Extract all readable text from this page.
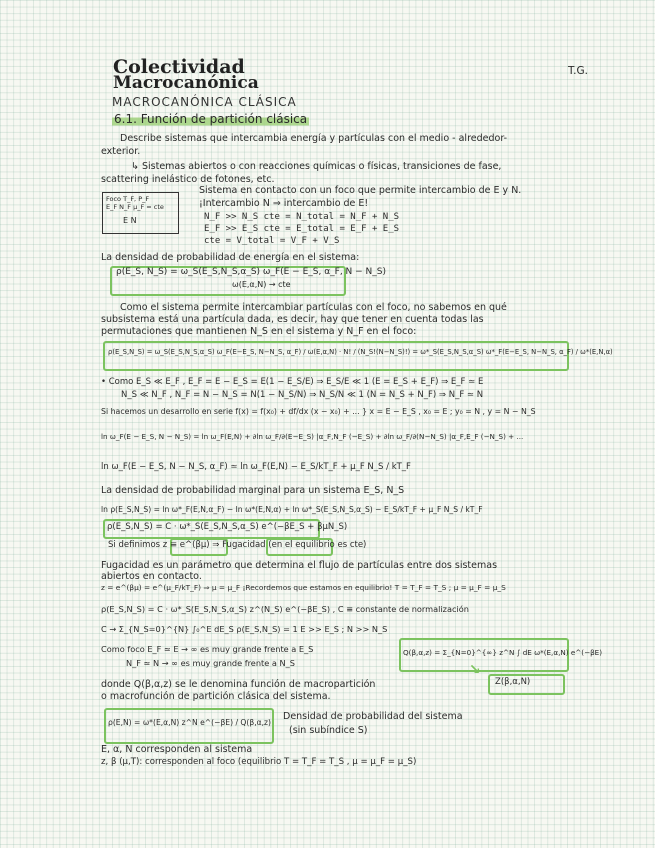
Colectividad
Macrocanónica
T.G.
MACROCANÓNICA CLÁSICA
6.1. Función de partición clásica
Describe sistemas que intercambia energía y partículas con el medio - alrededor-
exterior.
↳ Sistemas abiertos o con reacciones químicas o físicas, transiciones de fase,
scattering inelástico de fotones, etc.
Foco T_F, P_F
E_F N_F μ_F = cte
E N
Sistema en contacto con un foco que permite intercambio de E y N.
¡Intercambio N ⇒ intercambio de E!
N_F >> N_S cte = N_total = N_F + N_S
E_F >> E_S cte = E_total = E_F + E_S
cte = V_total = V_F + V_S
La densidad de probabilidad de energía en el sistema:
ρ(E_S, N_S) = ω_S(E_S,N_S,α_S) ω_F(E − E_S, α_F, N − N_S)
ω(E,α,N) → cte
Como el sistema permite intercambiar partículas con el foco, no sabemos en qué
subsistema está una partícula dada, es decir, hay que tener en cuenta todas las
permutaciones que mantienen N_S en el sistema y N_F en el foco:
ρ(E_S,N_S) = ω_S(E_S,N_S,α_S) ω_F(E−E_S, N−N_S, α_F) / ω(E,α,N) · N! / (N_S!(N−N_S)!) = ω*_S(E_S,N_S,α_S) ω*_F(E−E_S, N−N_S, α_F) / ω*(E,N,α)
• Como E_S ≪ E_F , E_F = E − E_S = E(1 − E_S/E) ⇒ E_S/E ≪ 1 (E = E_S + E_F) ⇒ E_F ≃ E
N_S ≪ N_F , N_F = N − N_S = N(1 − N_S/N) ⇒ N_S/N ≪ 1 (N = N_S + N_F) ⇒ N_F ≃ N
Si hacemos un desarrollo en serie f(x) = f(x₀) + df/dx (x − x₀) + ... } x = E − E_S , x₀ = E ; y₀ = N , y = N − N_S
ln ω_F(E − E_S, N − N_S) = ln ω_F(E,N) + ∂ln ω_F/∂(E−E_S) |α_F,N_F (−E_S) + ∂ln ω_F/∂(N−N_S) |α_F,E_F (−N_S) + ...
ln ω_F(E − E_S, N − N_S, α_F) ≃ ln ω_F(E,N) − E_S/kT_F + μ_F N_S / kT_F
La densidad de probabilidad marginal para un sistema E_S, N_S
ln ρ(E_S,N_S) = ln ω*_F(E,N,α_F) − ln ω*(E,N,α) + ln ω*_S(E_S,N_S,α_S) − E_S/kT_F + μ_F N_S / kT_F
ρ(E_S,N_S) = C · ω*_S(E_S,N_S,α_S) e^(−βE_S + βμN_S)
Si definimos z ≡ e^(βμ) ⇒ Fugacidad (en el equilibrio es cte)
Fugacidad es un parámetro que determina el flujo de partículas entre dos sistemas
abiertos en contacto.
z = e^(βμ) = e^(μ_F/kT_F) ⇒ μ = μ_F ¡Recordemos que estamos en equilibrio! T = T_F = T_S ; μ = μ_F = μ_S
ρ(E_S,N_S) = C · ω*_S(E_S,N_S,α_S) z^(N_S) e^(−βE_S) , C ≡ constante de normalización
C → Σ_{N_S=0}^{N} ∫₀^E dE_S ρ(E_S,N_S) = 1 E >> E_S ; N >> N_S
Como foco E_F ≃ E → ∞ es muy grande frente a E_S
N_F ≃ N → ∞ es muy grande frente a N_S
Q(β,α,z) = Σ_{N=0}^{∞} z^N ∫ dE ω*(E,α,N) e^(−βE)
Z(β,α,N)
↘
donde Q(β,α,z) se le denomina función de macropartición
o macrofunción de partición clásica del sistema.
ρ(E,N) = ω*(E,α,N) z^N e^(−βE) / Q(β,α,z)
Densidad de probabilidad del sistema
(sin subíndice S)
E, α, N corresponden al sistema
z, β (μ,T): corresponden al foco (equilibrio T = T_F = T_S , μ = μ_F = μ_S)
